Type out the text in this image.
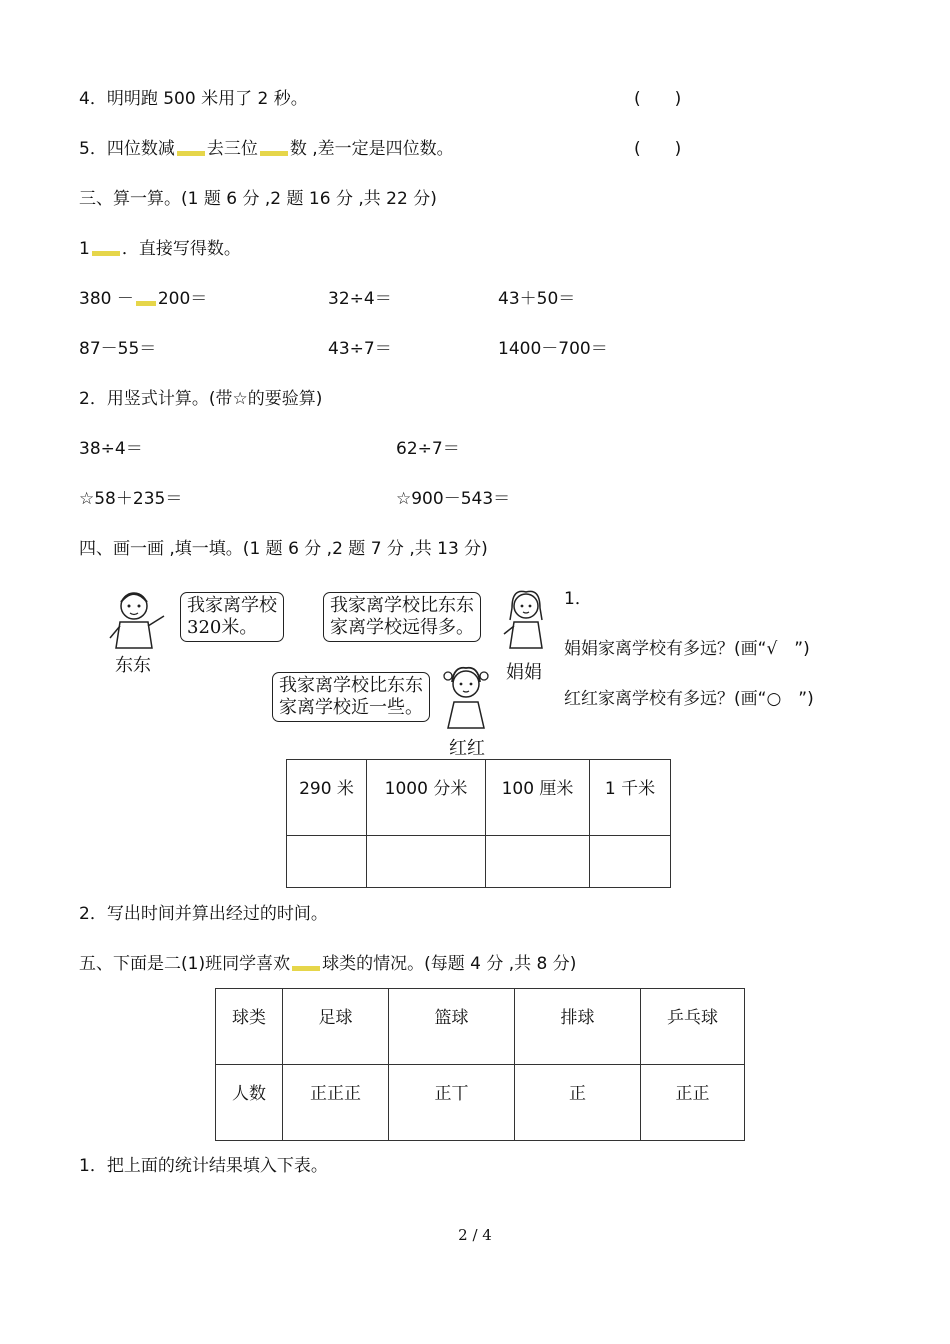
4．明明跑 500 米用了 2 秒。	(　　)
5．四位数减 去三位 数 ,差一定是四位数。	(　　)
三、算一算。(1 题 6 分 ,2 题 16 分 ,共 22 分)
1 ．直接写得数。
380 － 200＝	32÷4＝	43＋50＝
87－55＝	43÷7＝	1400－700＝
2．用竖式计算。(带☆的要验算)
38÷4＝	62÷7＝
☆58＋235＝	☆900－543＝
四、画一画 ,填一填。(1 题 6 分 ,2 题 7 分 ,共 13 分)
我家离学校
320米。
东东
我家离学校比东东
家离学校远得多。
娟娟
我家离学校比东东
家离学校近一些。
红红
1．
娟娟家离学校有多远？(画“√　”)
红红家离学校有多远？(画“○　”)
290 米	1000 分米	100 厘米	1 千米

2．写出时间并算出经过的时间。
五、下面是二(1)班同学喜欢 球类的情况。(每题 4 分 ,共 8 分)
球类	足球	篮球	排球	乒乓球
人数	正正正	正丅	正	正正
1．把上面的统计结果填入下表。
2 / 4
